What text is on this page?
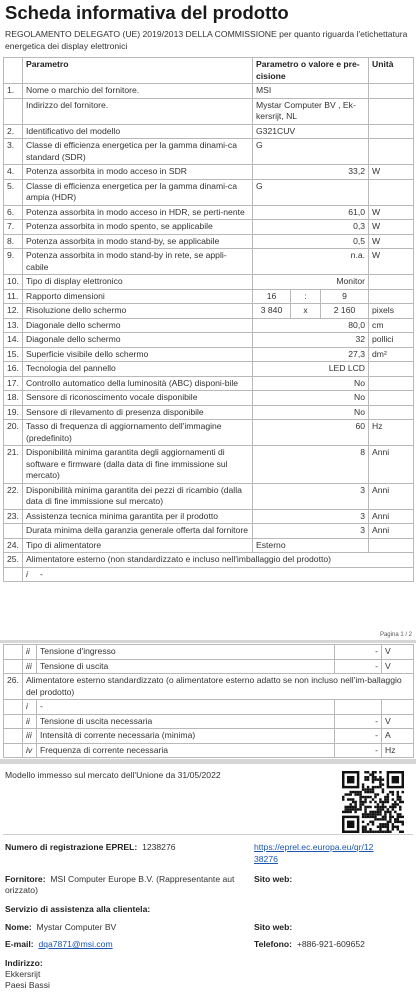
Scheda informativa del prodotto
REGOLAMENTO DELEGATO (UE) 2019/2013 DELLA COMMISSIONE per quanto riguarda l'etichettatura energetica dei display elettronici
	Parametro	Parametro o valore e pre-cisione			Unità
1.	Nome o marchio del fornitore.	MSI			
	Indirizzo del fornitore.	Mystar Computer BV , Ek-kersrijt, NL			
2.	Identificativo del modello	G321CUV			
3.	Classe di efficienza energetica per la gamma dinami-ca standard (SDR)	G			
4.	Potenza assorbita in modo acceso in SDR	33,2			W
5.	Classe di efficienza energetica per la gamma dinami-ca ampia (HDR)	G			
6.	Potenza assorbita in modo acceso in HDR, se perti-nente	61,0			W
7.	Potenza assorbita in modo spento, se applicabile	0,3			W
8.	Potenza assorbita in modo stand-by, se applicabile	0,5			W
9.	Potenza assorbita in modo stand-by in rete, se appli-cabile	n.a.			W
10.	Tipo di display elettronico	Monitor			
11.	Rapporto dimensioni	16	:	9	
12.	Risoluzione dello schermo	3 840	x	2 160	pixels
13.	Diagonale dello schermo	80,0			cm
14.	Diagonale dello schermo	32			pollici
15.	Superficie visibile dello schermo	27,3			dm²
16.	Tecnologia del pannello	LED LCD			
17.	Controllo automatico della luminosità (ABC) disponi-bile	No			
18.	Sensore di riconoscimento vocale disponibile	No			
19.	Sensore di rilevamento di presenza disponibile	No			
20.	Tasso di frequenza di aggiornamento dell'immagine (predefinito)	60			Hz
21.	Disponibilità minima garantita degli aggiornamenti di software e firmware (dalla data di fine immissione sul mercato)	8			Anni
22.	Disponibilità minima garantita dei pezzi di ricambio (dalla data di fine immissione sul mercato)	3			Anni
23.	Assistenza tecnica minima garantita per il prodotto	3			Anni
	Durata minima della garanzia generale offerta dal fornitore	3			Anni
24.	Tipo di alimentatore	Esterno			
25.	Alimentatore esterno (non standardizzato e incluso nell'imballaggio del prodotto)				
	i -				
Pagina 1 / 2
	ii	Tensione d'ingresso	-	V
	iii	Tensione di uscita	-	V
26.	Alimentatore esterno standardizzato (o alimentatore esterno adatto se non incluso nell'im-ballaggio del prodotto)			
	i	-		
	ii	Tensione di uscita necessaria	-	V
	iii	Intensità di corrente necessaria (minima)	-	A
	iv	Frequenza di corrente necessaria	-	Hz
Modello immesso sul mercato dell'Unione da 31/05/2022
Numero di registrazione EPREL: 1238276	https://eprel.ec.europa.eu/qr/12
38276
Fornitore: MSI Computer Europe B.V. (Rappresentante aut
orizzato)
Sito web:
Servizio di assistenza alla clientela:
Nome: Mystar Computer BV	Sito web:
E-mail: dqa7871@msi.com	Telefono: +886-921-609652
Indirizzo:
Ekkersrijt
Paesi Bassi
